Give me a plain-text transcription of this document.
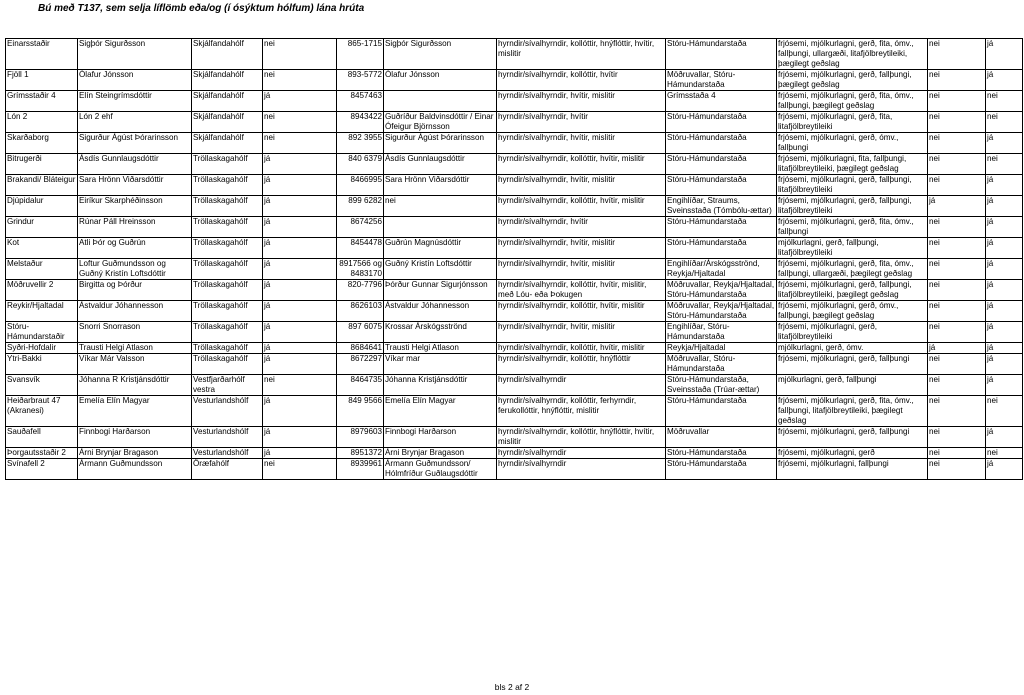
Bú með T137, sem selja líflömb eða/og (í ósýktum hólfum) lána hrúta
Einarsstaðir	Sigþór Sigurðsson	Skjálfandahólf	nei	865-1715	Sigþór Sigurðsson	hyrndir/sívalhyrndir, kollóttir, hnýflóttir, hvítir, mislitir	Stóru-Hámundarstaða	frjósemi, mjólkurlagni, gerð, fita, ómv., fallþungi, ullargæði, litafjölbreytileiki, þægilegt geðslag	nei	já
Fjöll 1	Ólafur Jónsson	Skjálfandahólf	nei	893-5772	Ólafur Jónsson	hyrndir/sívalhyrndir, kollóttir, hvítir	Möðruvallar, Stóru-Hámundarstaða	frjósemi, mjólkurlagni, gerð, fallþungi, þægilegt geðslag	nei	já
Grímsstaðir 4	Elín Steingrímsdóttir	Skjálfandahólf	já	8457463		hyrndir/sívalhyrndir, hvítir, mislitir	Grímsstaða 4	frjósemi, mjólkurlagni, gerð, fita, ómv., fallþungi, þægilegt geðslag	nei	nei
Lón 2	Lón 2 ehf	Skjálfandahólf	nei	8943422	Guðríður Baldvinsdóttir / Einar Ófeigur Björnsson	hyrndir/sívalhyrndir, hvítir	Stóru-Hámundarstaða	frjósemi, mjólkurlagni, gerð, fita, litafjölbreytileiki	nei	nei
Skarðaborg	Sigurður Ágúst Þórarinsson	Skjálfandahólf	nei	892 3955	Sigurður Ágúst Þórarinsson	hyrndir/sívalhyrndir, hvítir, mislitir	Stóru-Hámundarstaða	frjósemi, mjólkurlagni, gerð, ómv., fallþungi	nei	já
Bitrugerði	Ásdís Gunnlaugsdóttir	Tröllaskagahólf	já	840 6379	Ásdís Gunnlaugsdóttir	hyrndir/sívalhyrndir, kollóttir, hvítir, mislitir	Stóru-Hámundarstaða	frjósemi, mjólkurlagni, fita, fallþungi, litafjölbreytileiki, þægilegt geðslag	nei	nei
Brakandi/ Bláteigur	Sara Hrönn Viðarsdóttir	Tröllaskagahólf	já	8466995	Sara Hrönn Viðarsdóttir	hyrndir/sívalhyrndir, hvítir, mislitir	Stóru-Hámundarstaða	frjósemi, mjólkurlagni, gerð, fallþungi, litafjölbreytileiki	nei	já
Djúpidalur	Eiríkur Skarphéðinsson	Tröllaskagahólf	já	899 6282	nei	hyrndir/sívalhyrndir, kollóttir, hvítir, mislitir	Engihlíðar, Straums, Sveinsstaða (Tómbólu-ættar)	frjósemi, mjólkurlagni, gerð, fallþungi, litafjölbreytileiki	já	já
Grindur	Rúnar Páll Hreinsson	Tröllaskagahólf	já	8674256		hyrndir/sívalhyrndir, hvítir	Stóru-Hámundarstaða	frjósemi, mjólkurlagni, gerð, fita, ómv., fallþungi	nei	já
Kot	Atli Þór og Guðrún	Tröllaskagahólf	já	8454478	Guðrún Magnúsdóttir	hyrndir/sívalhyrndir, hvítir, mislitir	Stóru-Hámundarstaða	mjólkurlagni, gerð, fallþungi, litafjölbreytileiki	nei	já
Melstaður	Loftur Guðmundsson og Guðný Kristín Loftsdóttir	Tröllaskagahólf	já	8917566 og 8483170	Guðný Kristín Loftsdóttir	hyrndir/sívalhyrndir, hvítir, mislitir	Engihlíðar/Árskógsströnd, Reykja/Hjaltadal	frjósemi, mjólkurlagni, gerð, fita, ómv., fallþungi, ullargæði, þægilegt geðslag	nei	já
Möðruvellir 2	Birgitta og Þórður	Tröllaskagahólf	já	820-7796	Þórður Gunnar Sigurjónsson	hyrndir/sívalhyrndir, kollóttir, hvítir, mislitir, með Lóu- eða Þokugen	Möðruvallar, Reykja/Hjaltadal, Stóru-Hámundarstaða	frjósemi, mjólkurlagni, gerð, fallþungi, litafjölbreytileiki, þægilegt geðslag	nei	já
Reykir/Hjaltadal	Ástvaldur Jóhannesson	Tröllaskagahólf	já	8626103	Ástvaldur Jóhannesson	hyrndir/sívalhyrndir, kollóttir, hvítir, mislitir	Möðruvallar, Reykja/Hjaltadal, Stóru-Hámundarstaða	frjósemi, mjólkurlagni, gerð, ómv., fallþungi, þægilegt geðslag	nei	já
Stóru-Hámundarstaðir	Snorri Snorrason	Tröllaskagahólf	já	897 6075	Krossar Árskógsströnd	hyrndir/sívalhyrndir, hvítir, mislitir	Engihlíðar, Stóru-Hámundarstaða	frjósemi, mjólkurlagni, gerð, litafjölbreytileiki	nei	já
Syðri-Hofdalir	Trausti Helgi Atlason	Tröllaskagahólf	já	8684641	Trausti Helgi Atlason	hyrndir/sívalhyrndir, kollóttir, hvítir, mislitir	Reykja/Hjaltadal	mjólkurlagni, gerð, ómv.	já	já
Ytri-Bakki	Víkar Már Valsson	Tröllaskagahólf	já	8672297	Víkar mar	hyrndir/sívalhyrndir, kollóttir, hnýflóttir	Möðruvallar, Stóru-Hámundarstaða	frjósemi, mjólkurlagni, gerð, fallþungi	nei	já
Svansvík	Jóhanna R Kristjánsdóttir	Vestfjarðarhólf vestra	nei	8464735	Jóhanna Kristjánsdóttir	hyrndir/sívalhyrndir	Stóru-Hámundarstaða, Sveinsstaða (Trúar-ættar)	mjólkurlagni, gerð, fallþungi	nei	já
Heiðarbraut 47 (Akranesi)	Emelía Elín Magyar	Vesturlandshólf	já	849 9566	Emelía Elín Magyar	hyrndir/sívalhyrndir, kollóttir, ferhyrndir, ferukollóttir, hnýflóttir, mislitir	Stóru-Hámundarstaða	frjósemi, mjólkurlagni, gerð, fita, ómv., fallþungi, litafjölbreytileiki, þægilegt geðslag	nei	nei
Sauðafell	Finnbogi Harðarson	Vesturlandshólf	já	8979603	Finnbogi Harðarson	hyrndir/sívalhyrndir, kollóttir, hnýflóttir, hvítir, mislitir	Möðruvallar	frjósemi, mjólkurlagni, gerð, fallþungi	nei	já
Þorgautsstaðir 2	Árni Brynjar Bragason	Vesturlandshólf	já	8951372	Árni Brynjar Bragason	hyrndir/sívalhyrndir	Stóru-Hámundarstaða	frjósemi, mjólkurlagni, gerð	nei	nei
Svínafell 2	Ármann Guðmundsson	Öræfahólf	nei	8939961	Ármann Guðmundsson/ Hólmfríður Guðlaugsdóttir	hyrndir/sívalhyrndir	Stóru-Hámundarstaða	frjósemi, mjólkurlagni, fallþungi	nei	já
bls 2 af 2
